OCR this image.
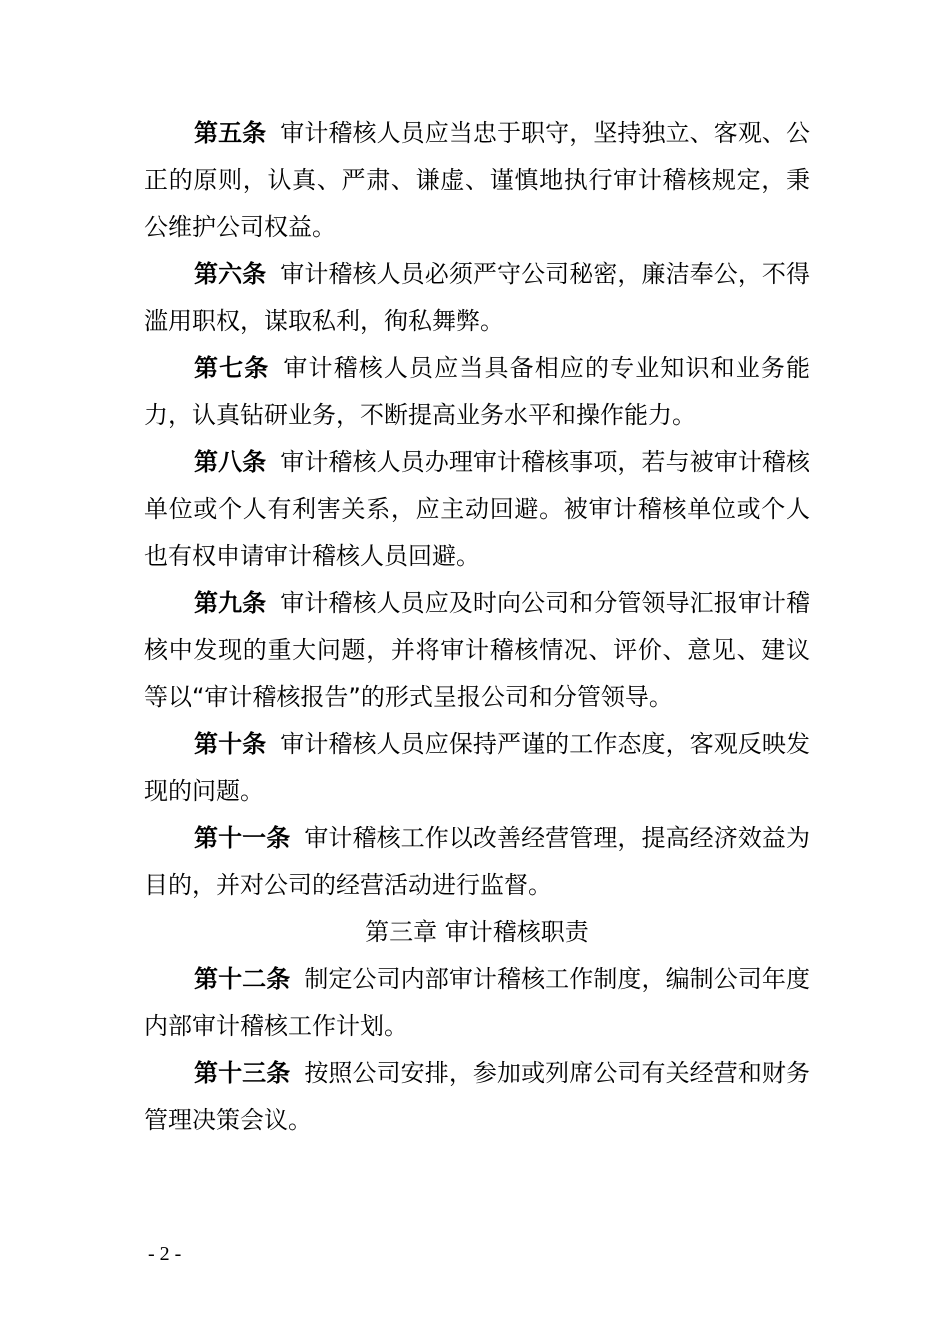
第五条 审计稽核人员应当忠于职守，坚持独立、客观、公正的原则，认真、严肃、谦虚、谨慎地执行审计稽核规定，秉公维护公司权益。

第六条 审计稽核人员必须严守公司秘密，廉洁奉公，不得滥用职权，谋取私利，徇私舞弊。

第七条 审计稽核人员应当具备相应的专业知识和业务能力，认真钻研业务，不断提高业务水平和操作能力。

第八条 审计稽核人员办理审计稽核事项，若与被审计稽核单位或个人有利害关系，应主动回避。被审计稽核单位或个人也有权申请审计稽核人员回避。

第九条 审计稽核人员应及时向公司和分管领导汇报审计稽核中发现的重大问题，并将审计稽核情况、评价、意见、建议等以“审计稽核报告”的形式呈报公司和分管领导。

第十条 审计稽核人员应保持严谨的工作态度，客观反映发现的问题。

第十一条 审计稽核工作以改善经营管理，提高经济效益为目的，并对公司的经营活动进行监督。

第三章 审计稽核职责

第十二条 制定公司内部审计稽核工作制度，编制公司年度内部审计稽核工作计划。

第十三条 按照公司安排，参加或列席公司有关经营和财务管理决策会议。

- 2 -
